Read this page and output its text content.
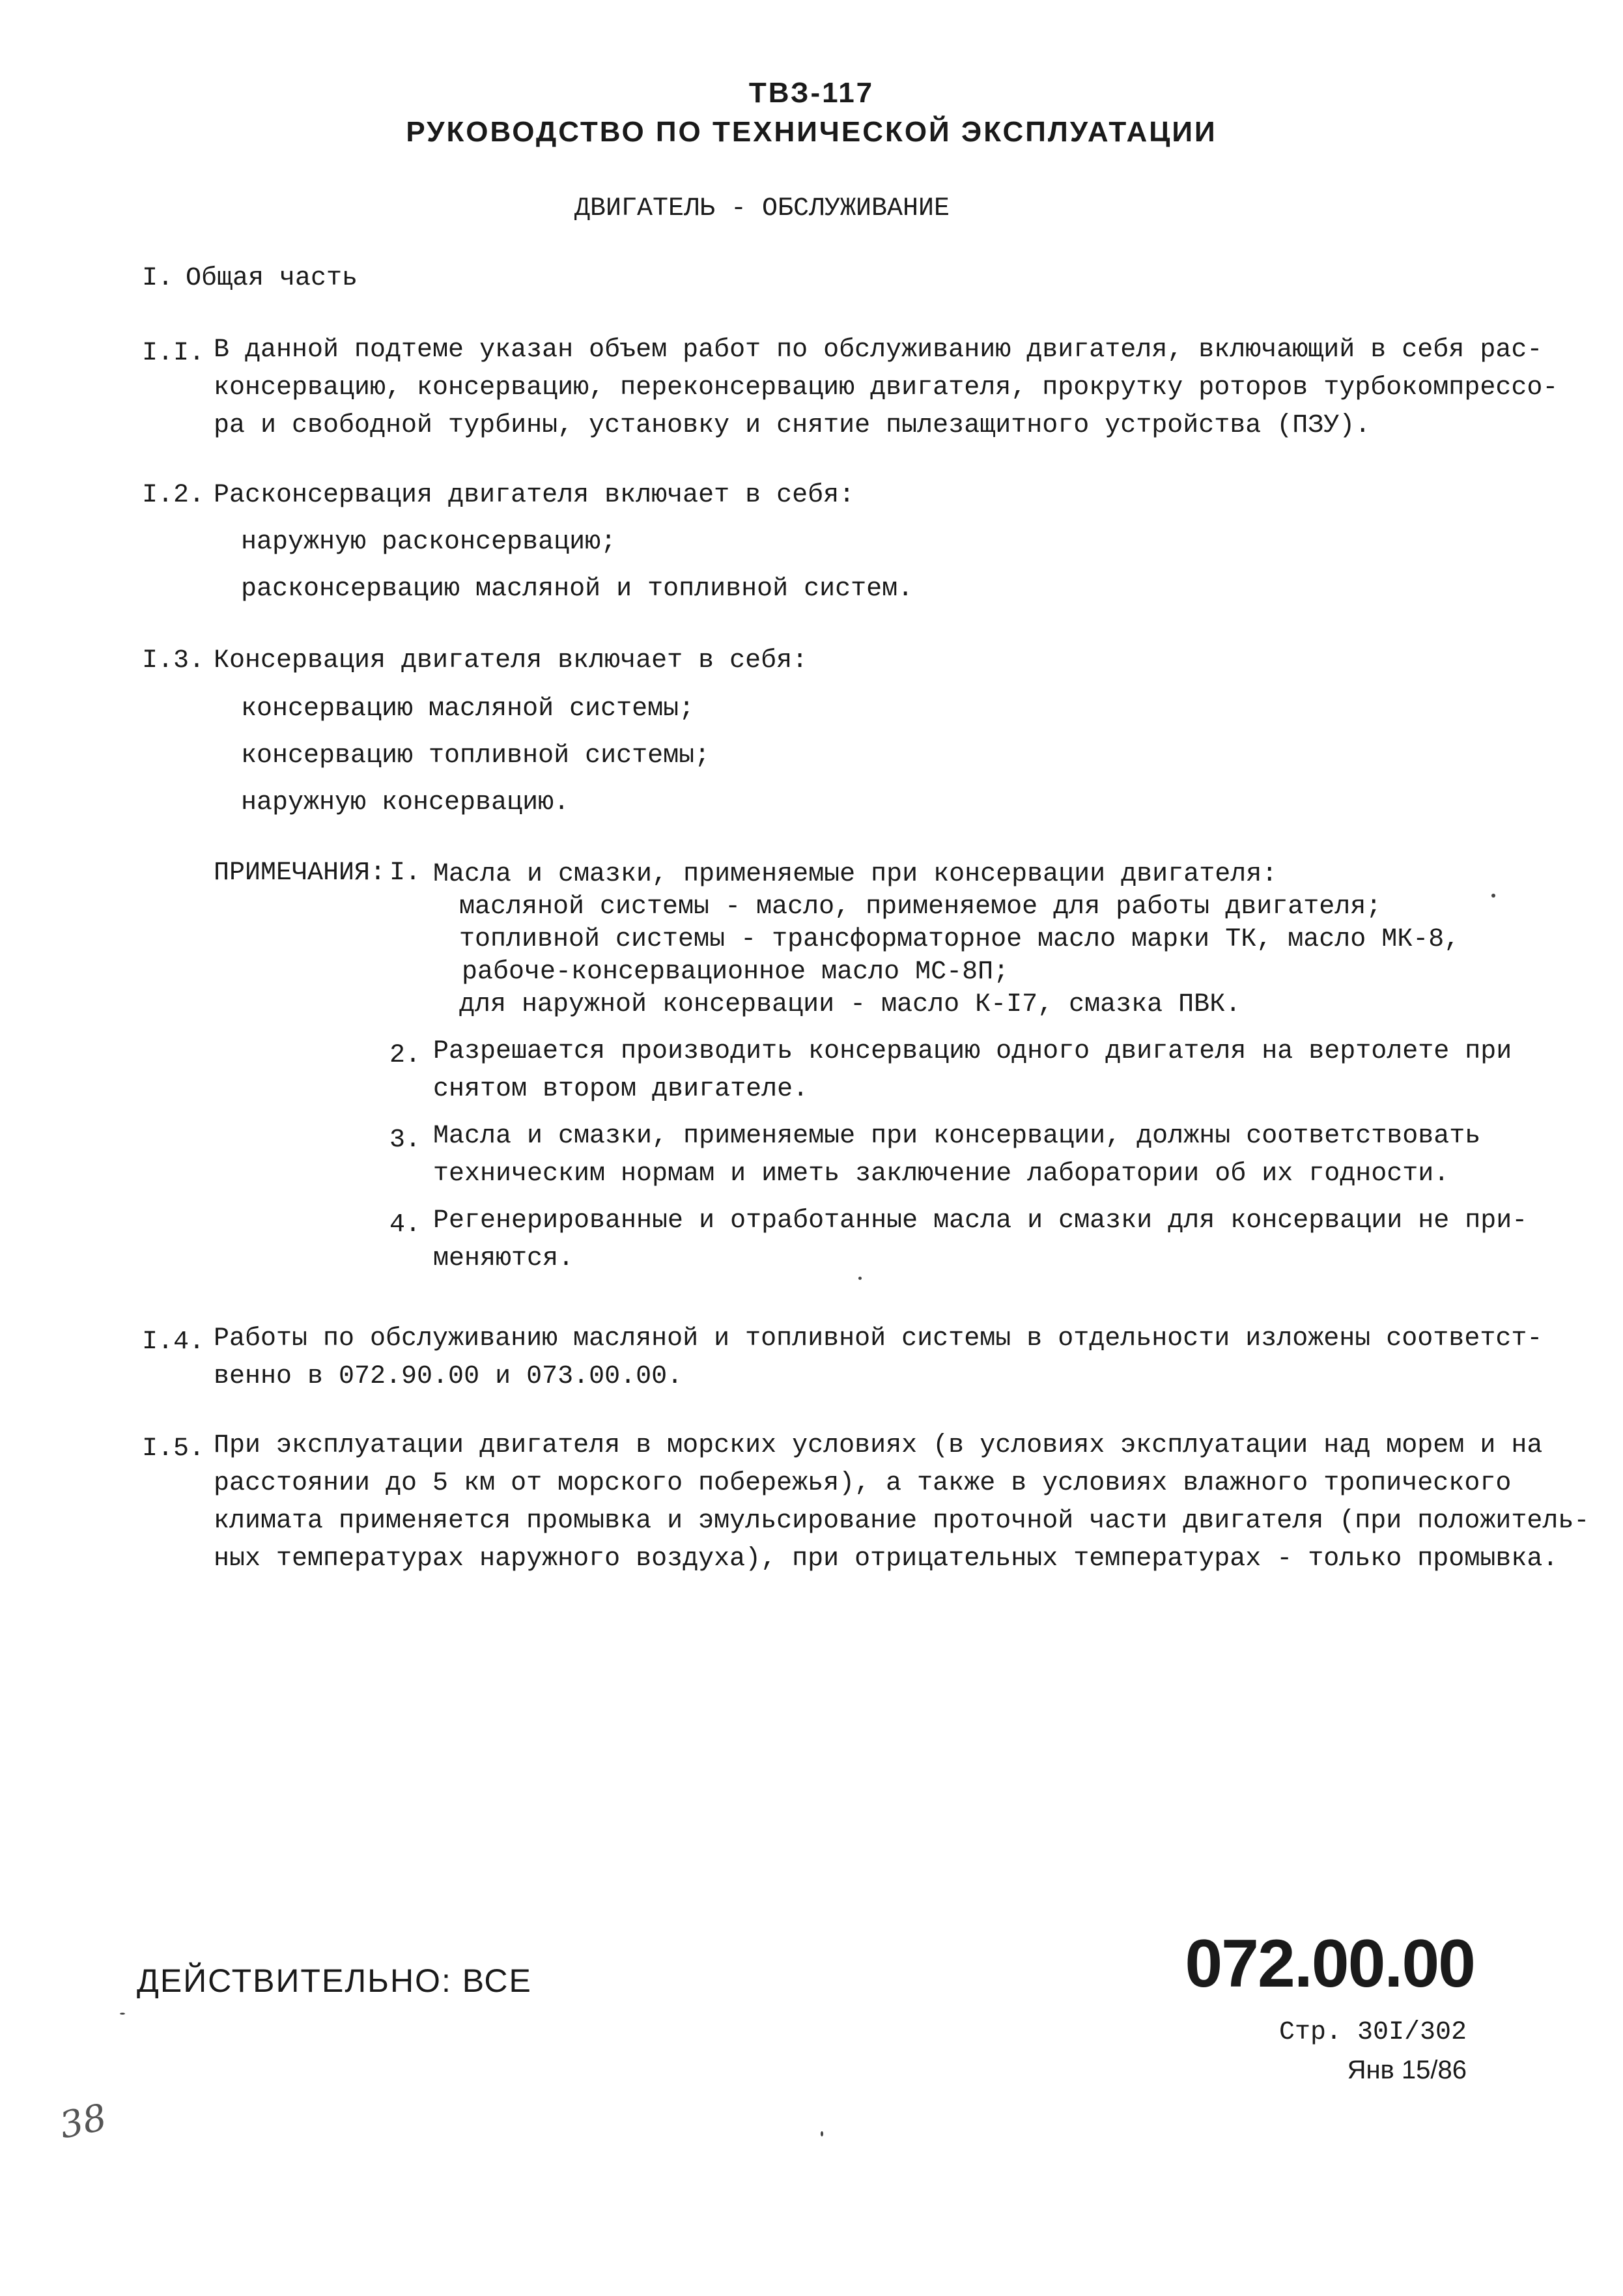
ТВЗ-117
РУКОВОДСТВО ПО ТЕХНИЧЕСКОЙ ЭКСПЛУАТАЦИИ
ДВИГАТЕЛЬ - ОБСЛУЖИВАНИЕ
I. Общая часть
I.I. В данной подтеме указан объем работ по обслуживанию двигателя, включающий в себя рас-
консервацию, консервацию, переконсервацию двигателя, прокрутку роторов турбокомпрессо-
ра и свободной турбины, установку и снятие пылезащитного устройства (ПЗУ).
I.2. Расконсервация двигателя включает в себя:
наружную расконсервацию;
расконсервацию масляной и топливной систем.
I.3. Консервация двигателя включает в себя:
консервацию масляной системы;
консервацию топливной системы;
наружную консервацию.
ПРИМЕЧАНИЯ: I. Масла и смазки, применяемые при консервации двигателя:
масляной системы - масло, применяемое для работы двигателя;
топливной системы - трансформаторное масло марки ТК, масло МК-8,
рабоче-консервационное масло МС-8П;
для наружной консервации - масло К-I7, смазка ПВК.
2. Разрешается производить консервацию одного двигателя на вертолете при
снятом втором двигателе.
3. Масла и смазки, применяемые при консервации, должны соответствовать
техническим нормам и иметь заключение лаборатории об их годности.
4. Регенерированные и отработанные масла и смазки для консервации не при-
меняются.
I.4. Работы по обслуживанию масляной и топливной системы в отдельности изложены соответст-
венно в 072.90.00 и 073.00.00.
I.5. При эксплуатации двигателя в морских условиях (в условиях эксплуатации над морем и на
расстоянии до 5 км от морского побережья), а также в условиях влажного тропического
климата применяется промывка и эмульсирование проточной части двигателя (при положитель-
ных температурах наружного воздуха), при отрицательных температурах - только промывка.
ДЕЙСТВИТЕЛЬНО: ВСЕ	072.00.00
Стр. 30I/302
Янв 15/86
38
